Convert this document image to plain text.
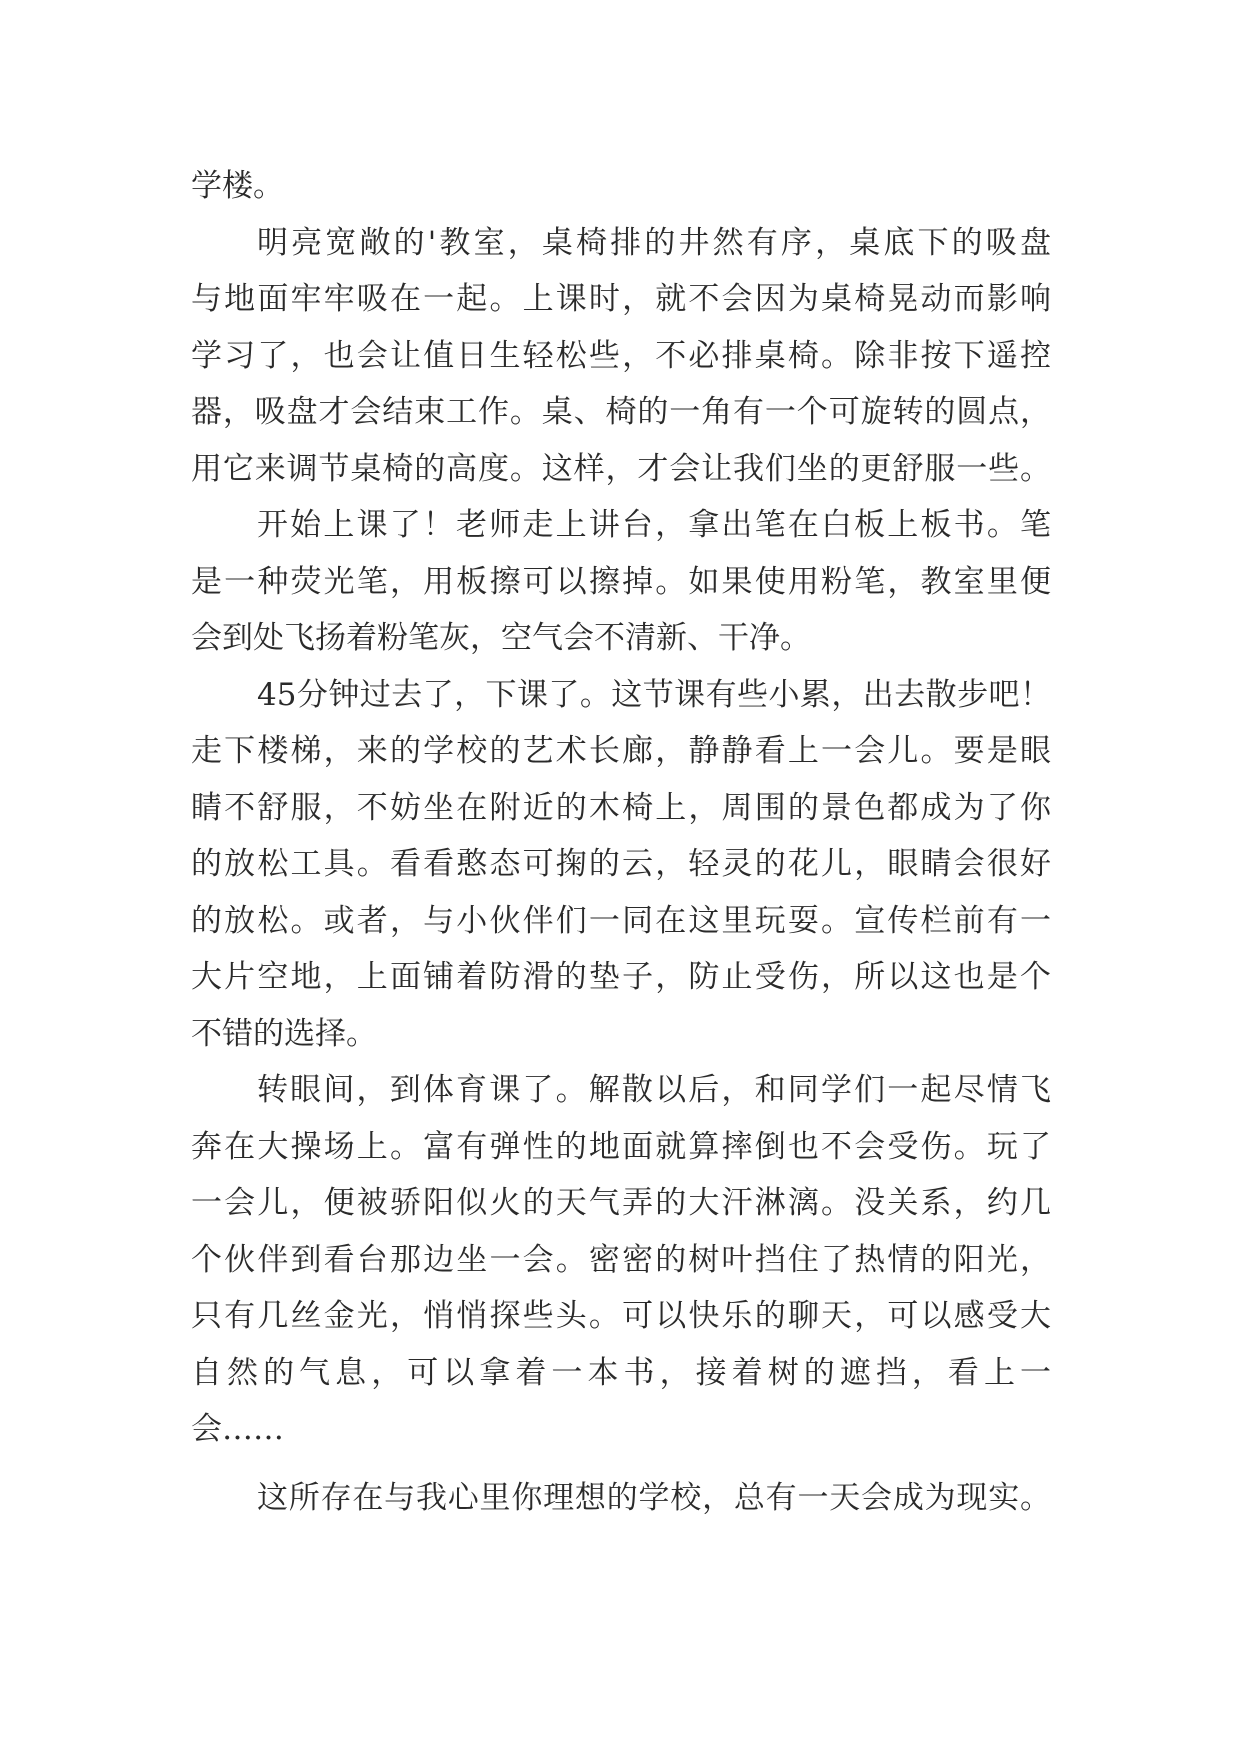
学楼。
明亮宽敞的'教室，桌椅排的井然有序，桌底下的吸盘
与地面牢牢吸在一起。上课时，就不会因为桌椅晃动而影响
学习了，也会让值日生轻松些，不必排桌椅。除非按下遥控
器，吸盘才会结束工作。桌、椅的一角有一个可旋转的圆点，
用它来调节桌椅的高度。这样，才会让我们坐的更舒服一些。
开始上课了！老师走上讲台，拿出笔在白板上板书。笔
是一种荧光笔，用板擦可以擦掉。如果使用粉笔，教室里便
会到处飞扬着粉笔灰，空气会不清新、干净。
45分钟过去了，下课了。这节课有些小累，出去散步吧！
走下楼梯，来的学校的艺术长廊，静静看上一会儿。要是眼
睛不舒服，不妨坐在附近的木椅上，周围的景色都成为了你
的放松工具。看看憨态可掬的云，轻灵的花儿，眼睛会很好
的放松。或者，与小伙伴们一同在这里玩耍。宣传栏前有一
大片空地，上面铺着防滑的垫子，防止受伤，所以这也是个
不错的选择。
转眼间，到体育课了。解散以后，和同学们一起尽情飞
奔在大操场上。富有弹性的地面就算摔倒也不会受伤。玩了
一会儿，便被骄阳似火的天气弄的大汗淋漓。没关系，约几
个伙伴到看台那边坐一会。密密的树叶挡住了热情的阳光，
只有几丝金光，悄悄探些头。可以快乐的聊天，可以感受大
自然的气息，可以拿着一本书，接着树的遮挡，看上一
会……
这所存在与我心里你理想的学校，总有一天会成为现实。
